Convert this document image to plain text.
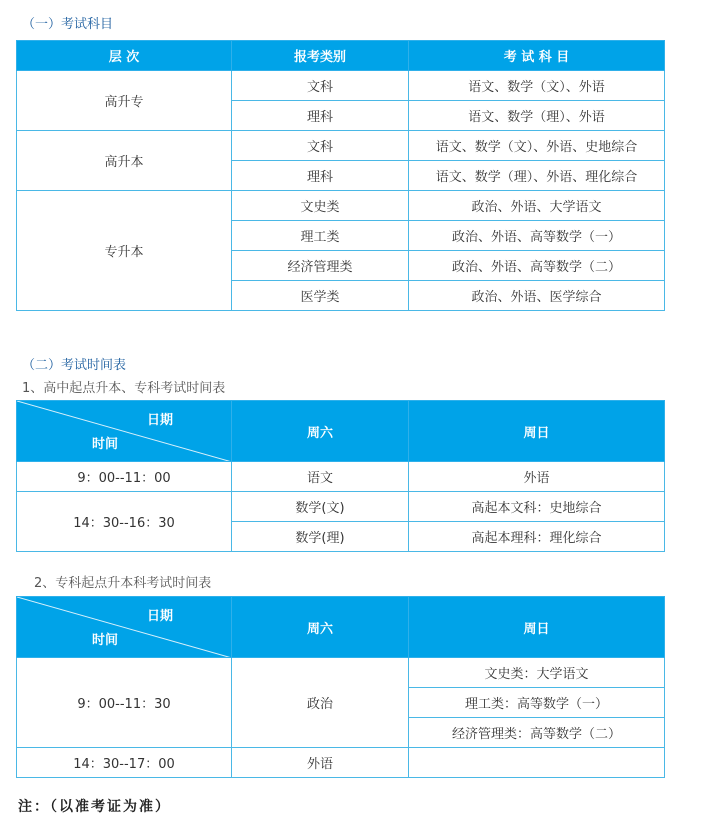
（一）考试科目
层 次	报考类别	考 试 科 目
高升专	文科	语文、数学（文）、外语
	理科	语文、数学（理）、外语
高升本	文科	语文、数学（文）、外语、史地综合
	理科	语文、数学（理）、外语、理化综合
专升本	文史类	政治、外语、大学语文
	理工类	政治、外语、高等数学（一）
	经济管理类	政治、外语、高等数学（二）
	医学类	政治、外语、医学综合
（二）考试时间表
1、高中起点升本、专科考试时间表
日期
时间	周六	周日
9：00--11：00	语文	外语
14：30--16：30	数学(文)	高起本文科：史地综合
	数学(理)	高起本理科：理化综合
2、专科起点升本科考试时间表
日期
时间	周六	周日
9：00--11：30	政治	文史类：大学语文
		理工类：高等数学（一）
		经济管理类：高等数学（二）
14：30--17：00	外语	
注：（以准考证为准）
